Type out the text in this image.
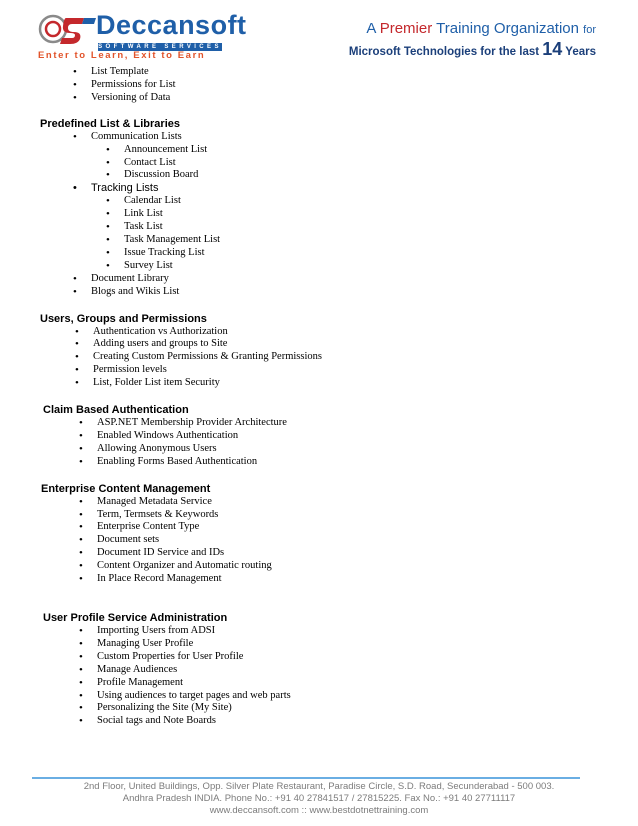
Deccansoft
SOFTWARE SERVICES
Enter to Learn, Exit to Earn
A Premier Training Organization for
Microsoft Technologies for the last 14 Years
• List Template
• Permissions for List
• Versioning of Data
Predefined List & Libraries
• Communication Lists
• Announcement List
• Contact List
• Discussion Board
• Tracking Lists
• Calendar List
• Link List
• Task List
• Task Management List
• Issue Tracking List
• Survey List
• Document Library
• Blogs and Wikis List
Users, Groups and Permissions
• Authentication vs Authorization
• Adding users and groups to Site
• Creating Custom Permissions & Granting Permissions
• Permission levels
• List, Folder List item Security
Claim Based Authentication
• ASP.NET Membership Provider Architecture
• Enabled Windows Authentication
• Allowing Anonymous Users
• Enabling Forms Based Authentication
Enterprise Content Management
• Managed Metadata Service
• Term, Termsets & Keywords
• Enterprise Content Type
• Document sets
• Document ID Service and IDs
• Content Organizer and Automatic routing
• In Place Record Management
User Profile Service Administration
• Importing Users from ADSI
• Managing User Profile
• Custom Properties for User Profile
• Manage Audiences
• Profile Management
• Using audiences to target pages and web parts
• Personalizing the Site (My Site)
• Social tags and Note Boards
2nd Floor, United Buildings, Opp. Silver Plate Restaurant, Paradise Circle, S.D. Road, Secunderabad - 500 003.
Andhra Pradesh INDIA. Phone No.: +91 40 27841517 / 27815225. Fax No.: +91 40 27711117
www.deccansoft.com :: www.bestdotnettraining.com
